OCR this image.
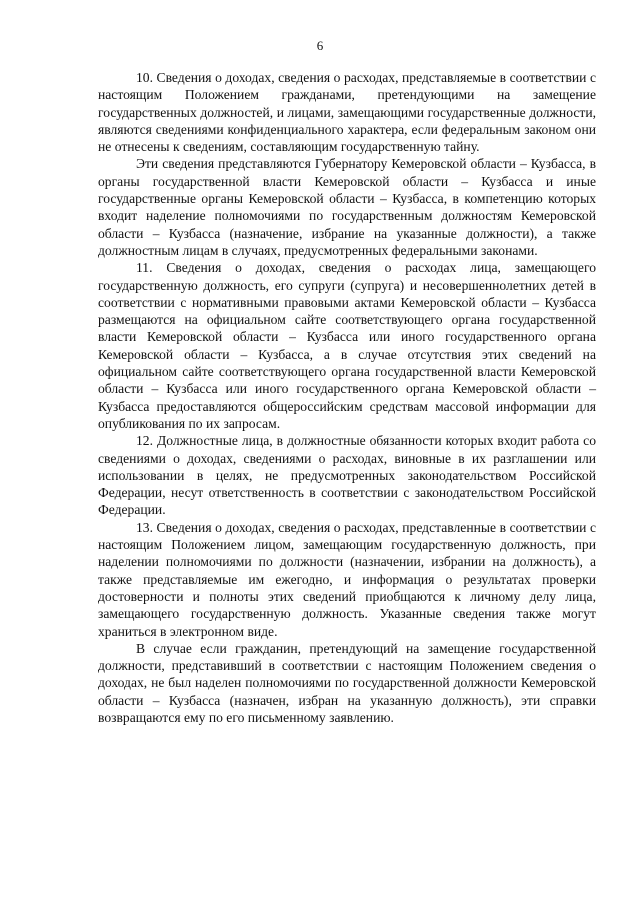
6

10. Сведения о доходах, сведения о расходах, представляемые в соответствии с настоящим Положением гражданами, претендующими на замещение государственных должностей, и лицами, замещающими государственные должности, являются сведениями конфиденциального характера, если федеральным законом они не отнесены к сведениям, составляющим государственную тайну.

Эти сведения представляются Губернатору Кемеровской области – Кузбасса, в органы государственной власти Кемеровской области – Кузбасса и иные государственные органы Кемеровской области – Кузбасса, в компетенцию которых входит наделение полномочиями по государственным должностям Кемеровской области – Кузбасса (назначение, избрание на указанные должности), а также должностным лицам в случаях, предусмотренных федеральными законами.

11. Сведения о доходах, сведения о расходах лица, замещающего государственную должность, его супруги (супруга) и несовершеннолетних детей в соответствии с нормативными правовыми актами Кемеровской области – Кузбасса размещаются на официальном сайте соответствующего органа государственной власти Кемеровской области – Кузбасса или иного государственного органа Кемеровской области – Кузбасса, а в случае отсутствия этих сведений на официальном сайте соответствующего органа государственной власти Кемеровской области – Кузбасса или иного государственного органа Кемеровской области – Кузбасса предоставляются общероссийским средствам массовой информации для опубликования по их запросам.

12. Должностные лица, в должностные обязанности которых входит работа со сведениями о доходах, сведениями о расходах, виновные в их разглашении или использовании в целях, не предусмотренных законодательством Российской Федерации, несут ответственность в соответствии с законодательством Российской Федерации.

13. Сведения о доходах, сведения о расходах, представленные в соответствии с настоящим Положением лицом, замещающим государственную должность, при наделении полномочиями по должности (назначении, избрании на должность), а также представляемые им ежегодно, и информация о результатах проверки достоверности и полноты этих сведений приобщаются к личному делу лица, замещающего государственную должность. Указанные сведения также могут храниться в электронном виде.

В случае если гражданин, претендующий на замещение государственной должности, представивший в соответствии с настоящим Положением сведения о доходах, не был наделен полномочиями по государственной должности Кемеровской области – Кузбасса (назначен, избран на указанную должность), эти справки возвращаются ему по его письменному заявлению.
